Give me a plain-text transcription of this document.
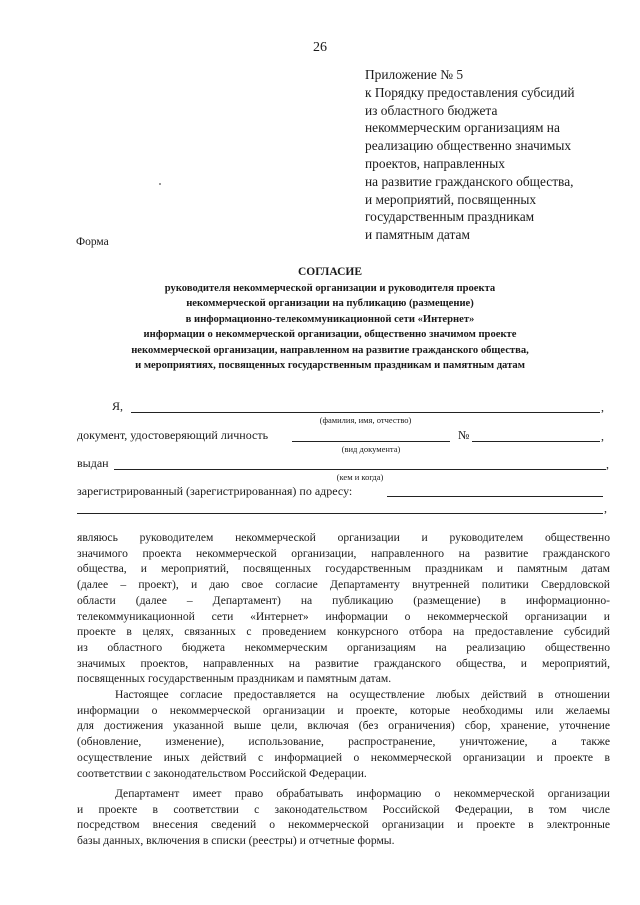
26
Приложение № 5
к Порядку предоставления субсидий
из областного бюджета
некоммерческим организациям на
реализацию общественно значимых
проектов, направленных
на развитие гражданского общества,
и мероприятий, посвященных
государственным праздникам
и памятным датам
Форма
СОГЛАСИЕ
руководителя некоммерческой организации и руководителя проекта
некоммерческой организации на публикацию (размещение)
в информационно-телекоммуникационной сети «Интернет»
информации о некоммерческой организации, общественно значимом проекте
некоммерческой организации, направленном на развитие гражданского общества,
и мероприятиях, посвященных государственным праздникам и памятным датам
Я,	,
(фамилия, имя, отчество)
документ, удостоверяющий личность	№	,
(вид документа)
выдан	,
(кем и когда)
зарегистрированный (зарегистрированная) по адресу:
,
являюсь руководителем некоммерческой организации и руководителем общественно
значимого проекта некоммерческой организации, направленного на развитие гражданского
общества, и мероприятий, посвященных государственным праздникам и памятным датам
(далее – проект), и даю свое согласие Департаменту внутренней политики Свердловской
области (далее – Департамент) на публикацию (размещение) в информационно-
телекоммуникационной сети «Интернет» информации о некоммерческой организации и
проекте в целях, связанных с проведением конкурсного отбора на предоставление субсидий
из областного бюджета некоммерческим организациям на реализацию общественно
значимых проектов, направленных на развитие гражданского общества, и мероприятий,
посвященных государственным праздникам и памятным датам.
Настоящее согласие предоставляется на осуществление любых действий в отношении
информации о некоммерческой организации и проекте, которые необходимы или желаемы
для достижения указанной выше цели, включая (без ограничения) сбор, хранение, уточнение
(обновление, изменение), использование, распространение, уничтожение, а также
осуществление иных действий с информацией о некоммерческой организации и проекте в
соответствии с законодательством Российской Федерации.
Департамент имеет право обрабатывать информацию о некоммерческой организации
и проекте в соответствии с законодательством Российской Федерации, в том числе
посредством внесения сведений о некоммерческой организации и проекте в электронные
базы данных, включения в списки (реестры) и отчетные формы.
